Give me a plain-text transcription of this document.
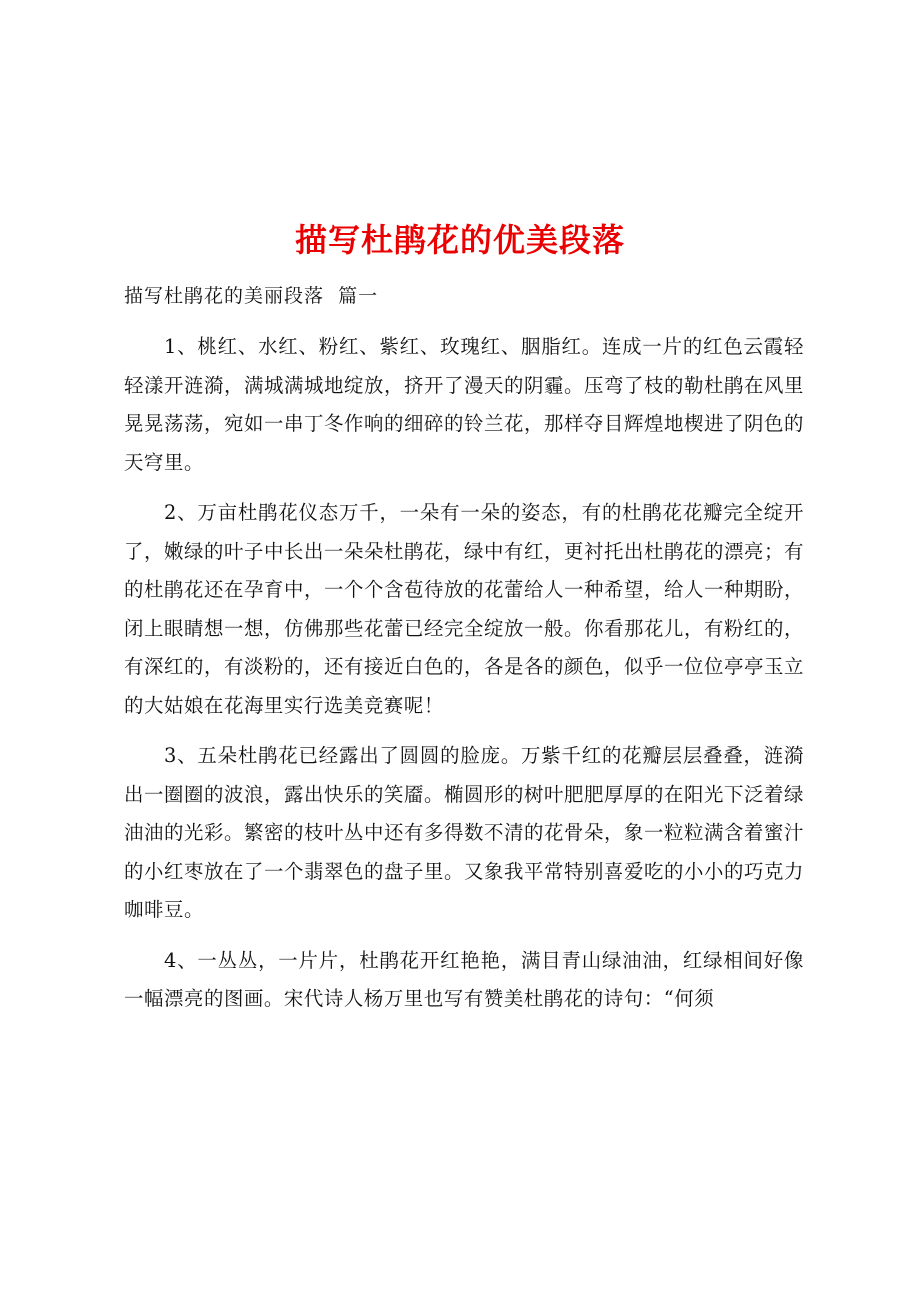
描写杜鹃花的优美段落
描写杜鹃花的美丽段落  篇一

1、桃红、水红、粉红、紫红、玫瑰红、胭脂红。连成一片的红色云霞轻轻漾开涟漪，满城满城地绽放，挤开了漫天的阴霾。压弯了枝的勒杜鹃在风里晃晃荡荡，宛如一串丁冬作响的细碎的铃兰花，那样夺目辉煌地楔进了阴色的天穹里。

2、万亩杜鹃花仪态万千，一朵有一朵的姿态，有的杜鹃花花瓣完全绽开了，嫩绿的叶子中长出一朵朵杜鹃花，绿中有红，更衬托出杜鹃花的漂亮；有的杜鹃花还在孕育中，一个个含苞待放的花蕾给人一种希望，给人一种期盼，闭上眼睛想一想，仿佛那些花蕾已经完全绽放一般。你看那花儿，有粉红的，有深红的，有淡粉的，还有接近白色的，各是各的颜色，似乎一位位亭亭玉立的大姑娘在花海里实行选美竞赛呢！

3、五朵杜鹃花已经露出了圆圆的脸庞。万紫千红的花瓣层层叠叠，涟漪出一圈圈的波浪，露出快乐的笑靥。椭圆形的树叶肥肥厚厚的在阳光下泛着绿油油的光彩。繁密的枝叶丛中还有多得数不清的花骨朵，象一粒粒满含着蜜汁的小红枣放在了一个翡翠色的盘子里。又象我平常特别喜爱吃的小小的巧克力咖啡豆。

4、一丛丛，一片片，杜鹃花开红艳艳，满目青山绿油油，红绿相间好像一幅漂亮的图画。宋代诗人杨万里也写有赞美杜鹃花的诗句：“何须
